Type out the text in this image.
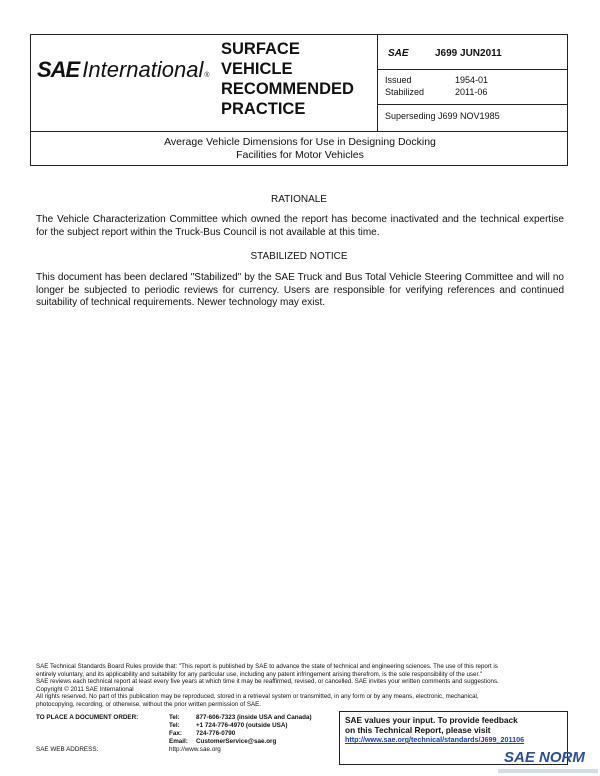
SAE International ®
SURFACE
VEHICLE
RECOMMENDED
PRACTICE
SAE	J699 JUN2011
Issued	1954-01
Stabilized	2011-06
Superseding J699 NOV1985
Average Vehicle Dimensions for Use in Designing Docking
Facilities for Motor Vehicles
RATIONALE
The Vehicle Characterization Committee which owned the report has become inactivated and the technical expertise for the subject report within the Truck-Bus Council is not available at this time.
STABILIZED NOTICE
This document has been declared "Stabilized" by the SAE Truck and Bus Total Vehicle Steering Committee and will no longer be subjected to periodic reviews for currency. Users are responsible for verifying references and continued suitability of technical requirements. Newer technology may exist.
SAE Technical Standards Board Rules provide that: "This report is published by SAE to advance the state of technical and engineering sciences. The use of this report is
entirely voluntary, and its applicability and suitability for any particular use, including any patent infringement arising therefrom, is the sole responsibility of the user."
SAE reviews each technical report at least every five years at which time it may be reaffirmed, revised, or cancelled. SAE invites your written comments and suggestions.
Copyright © 2011 SAE International
All rights reserved. No part of this publication may be reproduced, stored in a retrieval system or transmitted, in any form or by any means, electronic, mechanical,
photocopying, recording, or otherwise, without the prior written permission of SAE.
TO PLACE A DOCUMENT ORDER:	Tel:	877-606-7323 (inside USA and Canada)
Tel:	+1 724-776-4970 (outside USA)
Fax: 724-776-0790
Email: CustomerService@sae.org
SAE WEB ADDRESS:	http://www.sae.org
SAE values your input. To provide feedback
on this Technical Report, please visit
http://www.sae.org/technical/standards/J699_201106
SAE NORM
